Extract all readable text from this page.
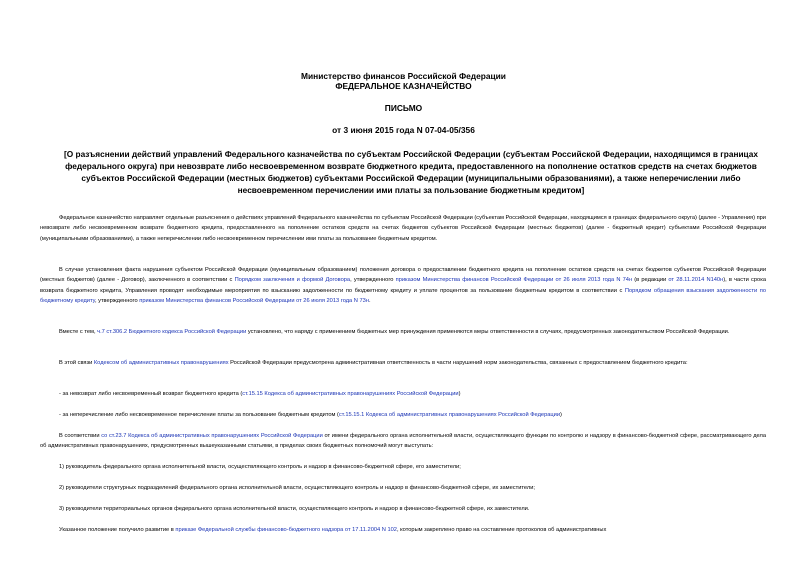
Министерство финансов Российской Федерации
ФЕДЕРАЛЬНОЕ КАЗНАЧЕЙСТВО
ПИСЬМО
от 3 июня 2015 года N 07-04-05/356
[О разъяснении действий управлений Федерального казначейства по субъектам Российской Федерации (субъектам Российской Федерации, находящимся в границах федерального округа) при невозврате либо несвоевременном возврате бюджетного кредита, предоставленного на пополнение остатков средств на счетах бюджетов субъектов Российской Федерации (местных бюджетов) субъектами Российской Федерации (муниципальными образованиями), а также неперечислении либо несвоевременном перечислении ими платы за пользование бюджетным кредитом]
Федеральное казначейство направляет отдельные разъяснения о действиях управлений Федерального казначейства по субъектам Российской Федерации (субъектам Российской Федерации, находящимся в границах федерального округа) (далее - Управления) при невозврате либо несвоевременном возврате бюджетного кредита, предоставленного на пополнение остатков средств на счетах бюджетов субъектов Российской Федерации (местных бюджетов) (далее - бюджетный кредит) субъектами Российской Федерации (муниципальными образованиями), а также неперечислении либо несвоевременном перечислении ими платы за пользование бюджетным кредитом.
В случае установления факта нарушения субъектом Российской Федерации (муниципальным образованием) положения договора о предоставлении бюджетного кредита на пополнение остатков средств на счетах бюджетов субъектов Российской Федерации (местных бюджетов) (далее - Договор), заключенного в соответствии с Порядком заключения и формой Договора, утвержденного приказом Министерства финансов Российской Федерации от 26 июля 2013 года N 74н (в редакции от 28.11.2014 N140н), в части срока возврата бюджетного кредита, Управления проводят необходимые мероприятия по взысканию задолженности по бюджетному кредиту и уплате процентов за пользование бюджетным кредитом в соответствии с Порядком обращения взыскания задолженности по бюджетному кредиту, утвержденного приказом Министерства финансов Российской Федерации от 26 июля 2013 года N 73н.
Вместе с тем, ч.7 ст.306.2 Бюджетного кодекса Российской Федерации установлено, что наряду с применением бюджетных мер принуждения применяются меры ответственности в случаях, предусмотренных законодательством Российской Федерации.
В этой связи Кодексом об административных правонарушениях Российской Федерации предусмотрена административная ответственность в части нарушений норм законодательства, связанных с предоставлением бюджетного кредита:
- за невозврат либо несвоевременный возврат бюджетного кредита (ст.15.15 Кодекса об административных правонарушениях Российской Федерации)
- за неперечисление либо несвоевременное перечисление платы за пользование бюджетным кредитом (ст.15.15.1 Кодекса об административных правонарушениях Российской Федерации)
В соответствии со ст.23.7 Кодекса об административных правонарушениях Российской Федерации от имени федерального органа исполнительной власти, осуществляющего функции по контролю и надзору в финансово-бюджетной сфере, рассматривающего дела об административных правонарушениях, предусмотренных вышеуказанными статьями, в пределах своих бюджетных полномочий могут выступать:
1) руководитель федерального органа исполнительной власти, осуществляющего контроль и надзор в финансово-бюджетной сфере, его заместители;
2) руководители структурных подразделений федерального органа исполнительной власти, осуществляющего контроль и надзор в финансово-бюджетной сфере, их заместители;
3) руководители территориальных органов федерального органа исполнительной власти, осуществляющего контроль и надзор в финансово-бюджетной сфере, их заместители.
Указанное положение получило развитие в приказе Федеральной службы финансово-бюджетного надзора от 17.11.2004 N 102, которым закреплено право на составление протоколов об административных
